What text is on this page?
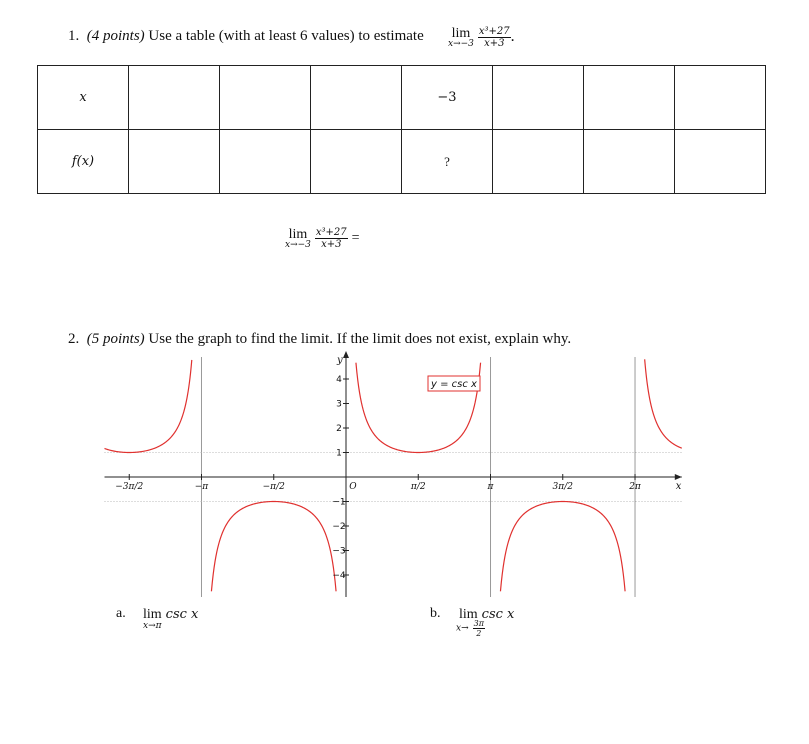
1. (4 points) Use a table (with at least 6 values) to estimate lim
x→−3
$\frac{\text{x³+27}}{x+3}$ .
x				−3			
f(x)				?			
lim
x→−3
$\frac{\text{x³+27}}{x+3}$ =
2. (5 points) Use the graph to find the limit. If the limit does not exist, explain why.
4
3
2
1
−1
−2
−3
−4
−3π/2	−π	−π/2	O	π/2	π	3π/2	2π
y
x
y = csc x
a. lim csc x
x→π
b. lim csc x
$x\to \frac{3\pi}{2}$
